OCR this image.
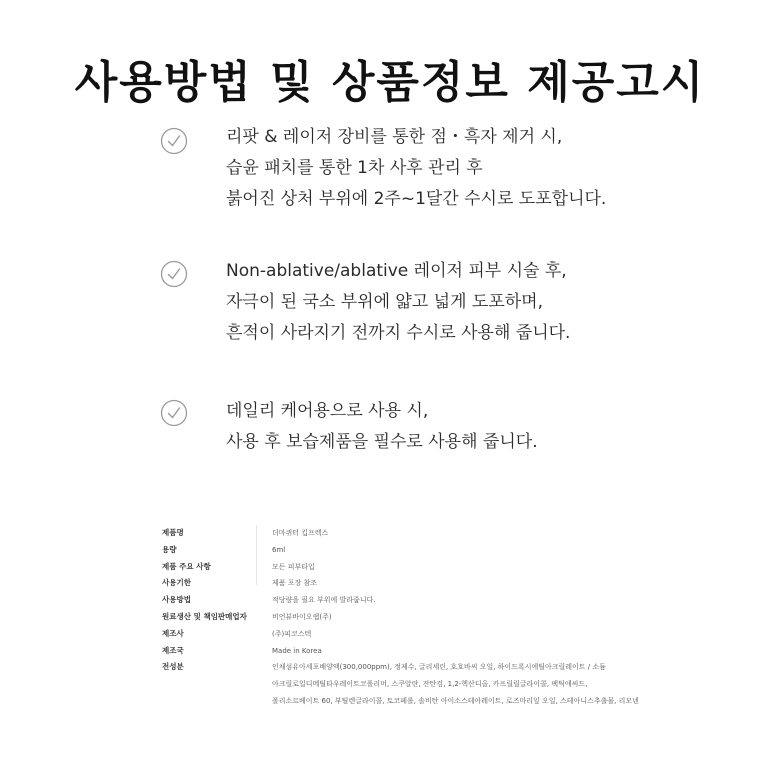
사용방법 및 상품정보 제공고시
리팟 & 레이저 장비를 통한 점・흑자 제거 시,
습윤 패치를 통한 1차 사후 관리 후
붉어진 상처 부위에 2주~1달간 수시로 도포합니다.
Non-ablative/ablative 레이저 피부 시술 후,
자극이 된 국소 부위에 얇고 넓게 도포하며,
흔적이 사라지기 전까지 수시로 사용해 줍니다.
데일리 케어용으로 사용 시,
사용 후 보습제품을 필수로 사용해 줍니다.
제품명	더마퀴터 킵프렉스
용량	6ml
제품 주요 사항	모든 피부타입
사용기한	제품 포장 참조
사용방법	적당량을 필요 부위에 발라줍니다.
원료생산 및 책임판매업자	비언뷰바이오랩(주)
제조사	(주)피코스텍
제조국	Made in Korea
전성분	인체섬유아세포배양액(300,000ppm), 정제수, 글리세린, 호호바씨 오일, 하이드록시에틸아크릴레이트 / 소듐
아크릴로일디메틸타우레이트코폴리머, 스쿠알란, 잔탄검, 1,2-헥산디올, 카프릴릴글라이콜, 팩틱애씨드,
폴리소르베이트 60, 부틸렌글라이콜, 토코페롤, 솔비탄 아이소스테아레이트, 로즈마리잎 오일, 스테아니스추출물, 리모넨
